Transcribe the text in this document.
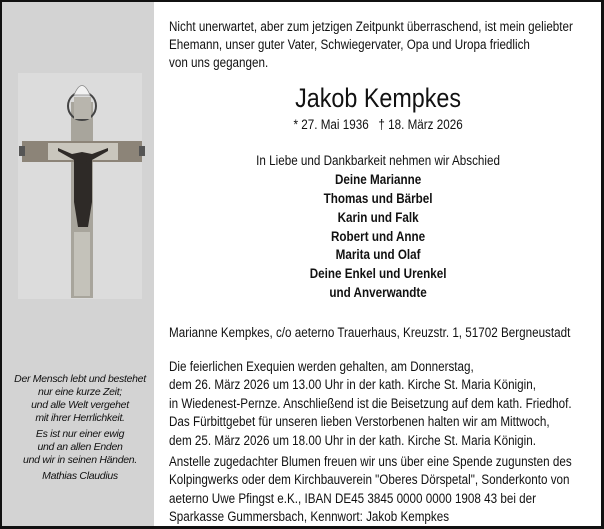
Der Mensch lebt und bestehet
nur eine kurze Zeit;
und alle Welt vergehet
mit ihrer Herrlichkeit.
Es ist nur einer ewig
und an allen Enden
und wir in seinen Händen.
Mathias Claudius
Nicht unerwartet, aber zum jetzigen Zeitpunkt überraschend, ist mein geliebter
Ehemann, unser guter Vater, Schwiegervater, Opa und Uropa friedlich
von uns gegangen.
Jakob Kempkes
* 27. Mai 1936   † 18. März 2026
In Liebe und Dankbarkeit nehmen wir Abschied
Deine Marianne
Thomas und Bärbel
Karin und Falk
Robert und Anne
Marita und Olaf
Deine Enkel und Urenkel
und Anverwandte
Marianne Kempkes, c/o aeterno Trauerhaus, Kreuzstr. 1, 51702 Bergneustadt
Die feierlichen Exequien werden gehalten, am Donnerstag,
dem 26. März 2026 um 13.00 Uhr in der kath. Kirche St. Maria Königin,
in Wiedenest-Pernze. Anschließend ist die Beisetzung auf dem kath. Friedhof.
Das Fürbittgebet für unseren lieben Verstorbenen halten wir am Mittwoch,
dem 25. März 2026 um 18.00 Uhr in der kath. Kirche St. Maria Königin.
Anstelle zugedachter Blumen freuen wir uns über eine Spende zugunsten des
Kolpingwerks oder dem Kirchbauverein "Oberes Dörspetal", Sonderkonto von
aeterno Uwe Pfingst e.K., IBAN DE45 3845 0000 0000 1908 43 bei der
Sparkasse Gummersbach, Kennwort: Jakob Kempkes
